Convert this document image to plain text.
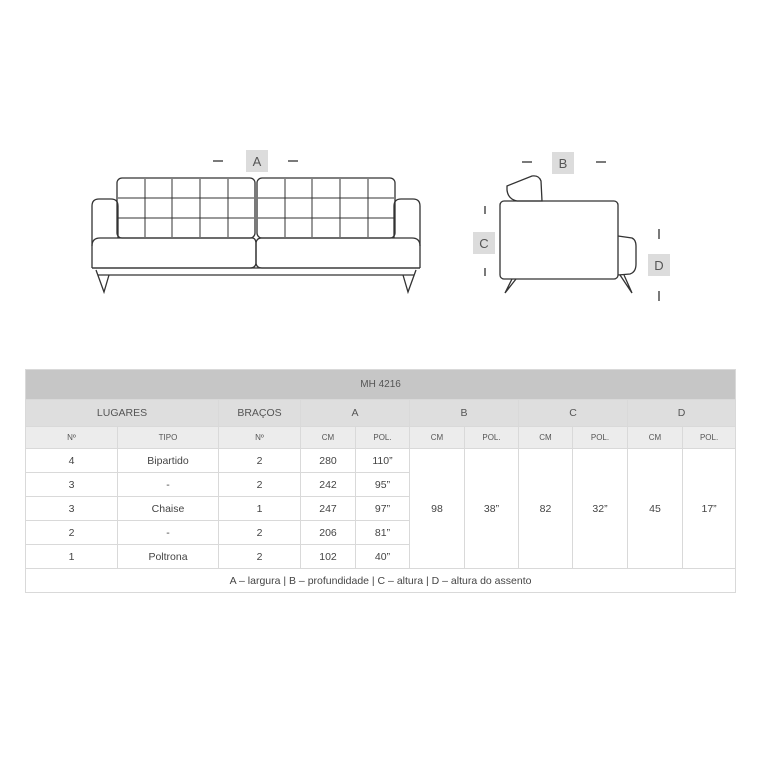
A	B
C
D
MH 4216										
LUGARES		BRAÇOS	A		B		C		D	
Nº	TIPO	Nº	CM	POL.	CM	POL.	CM	POL.	CM	POL.
4	Bipartido	2	280	110”	98	38”	82	32”	45	17”
3	-	2	242	95”						
3	Chaise	1	247	97”						
2	-	2	206	81”						
1	Poltrona	2	102	40”						
A – largura | B – profundidade | C – altura | D – altura do assento										
